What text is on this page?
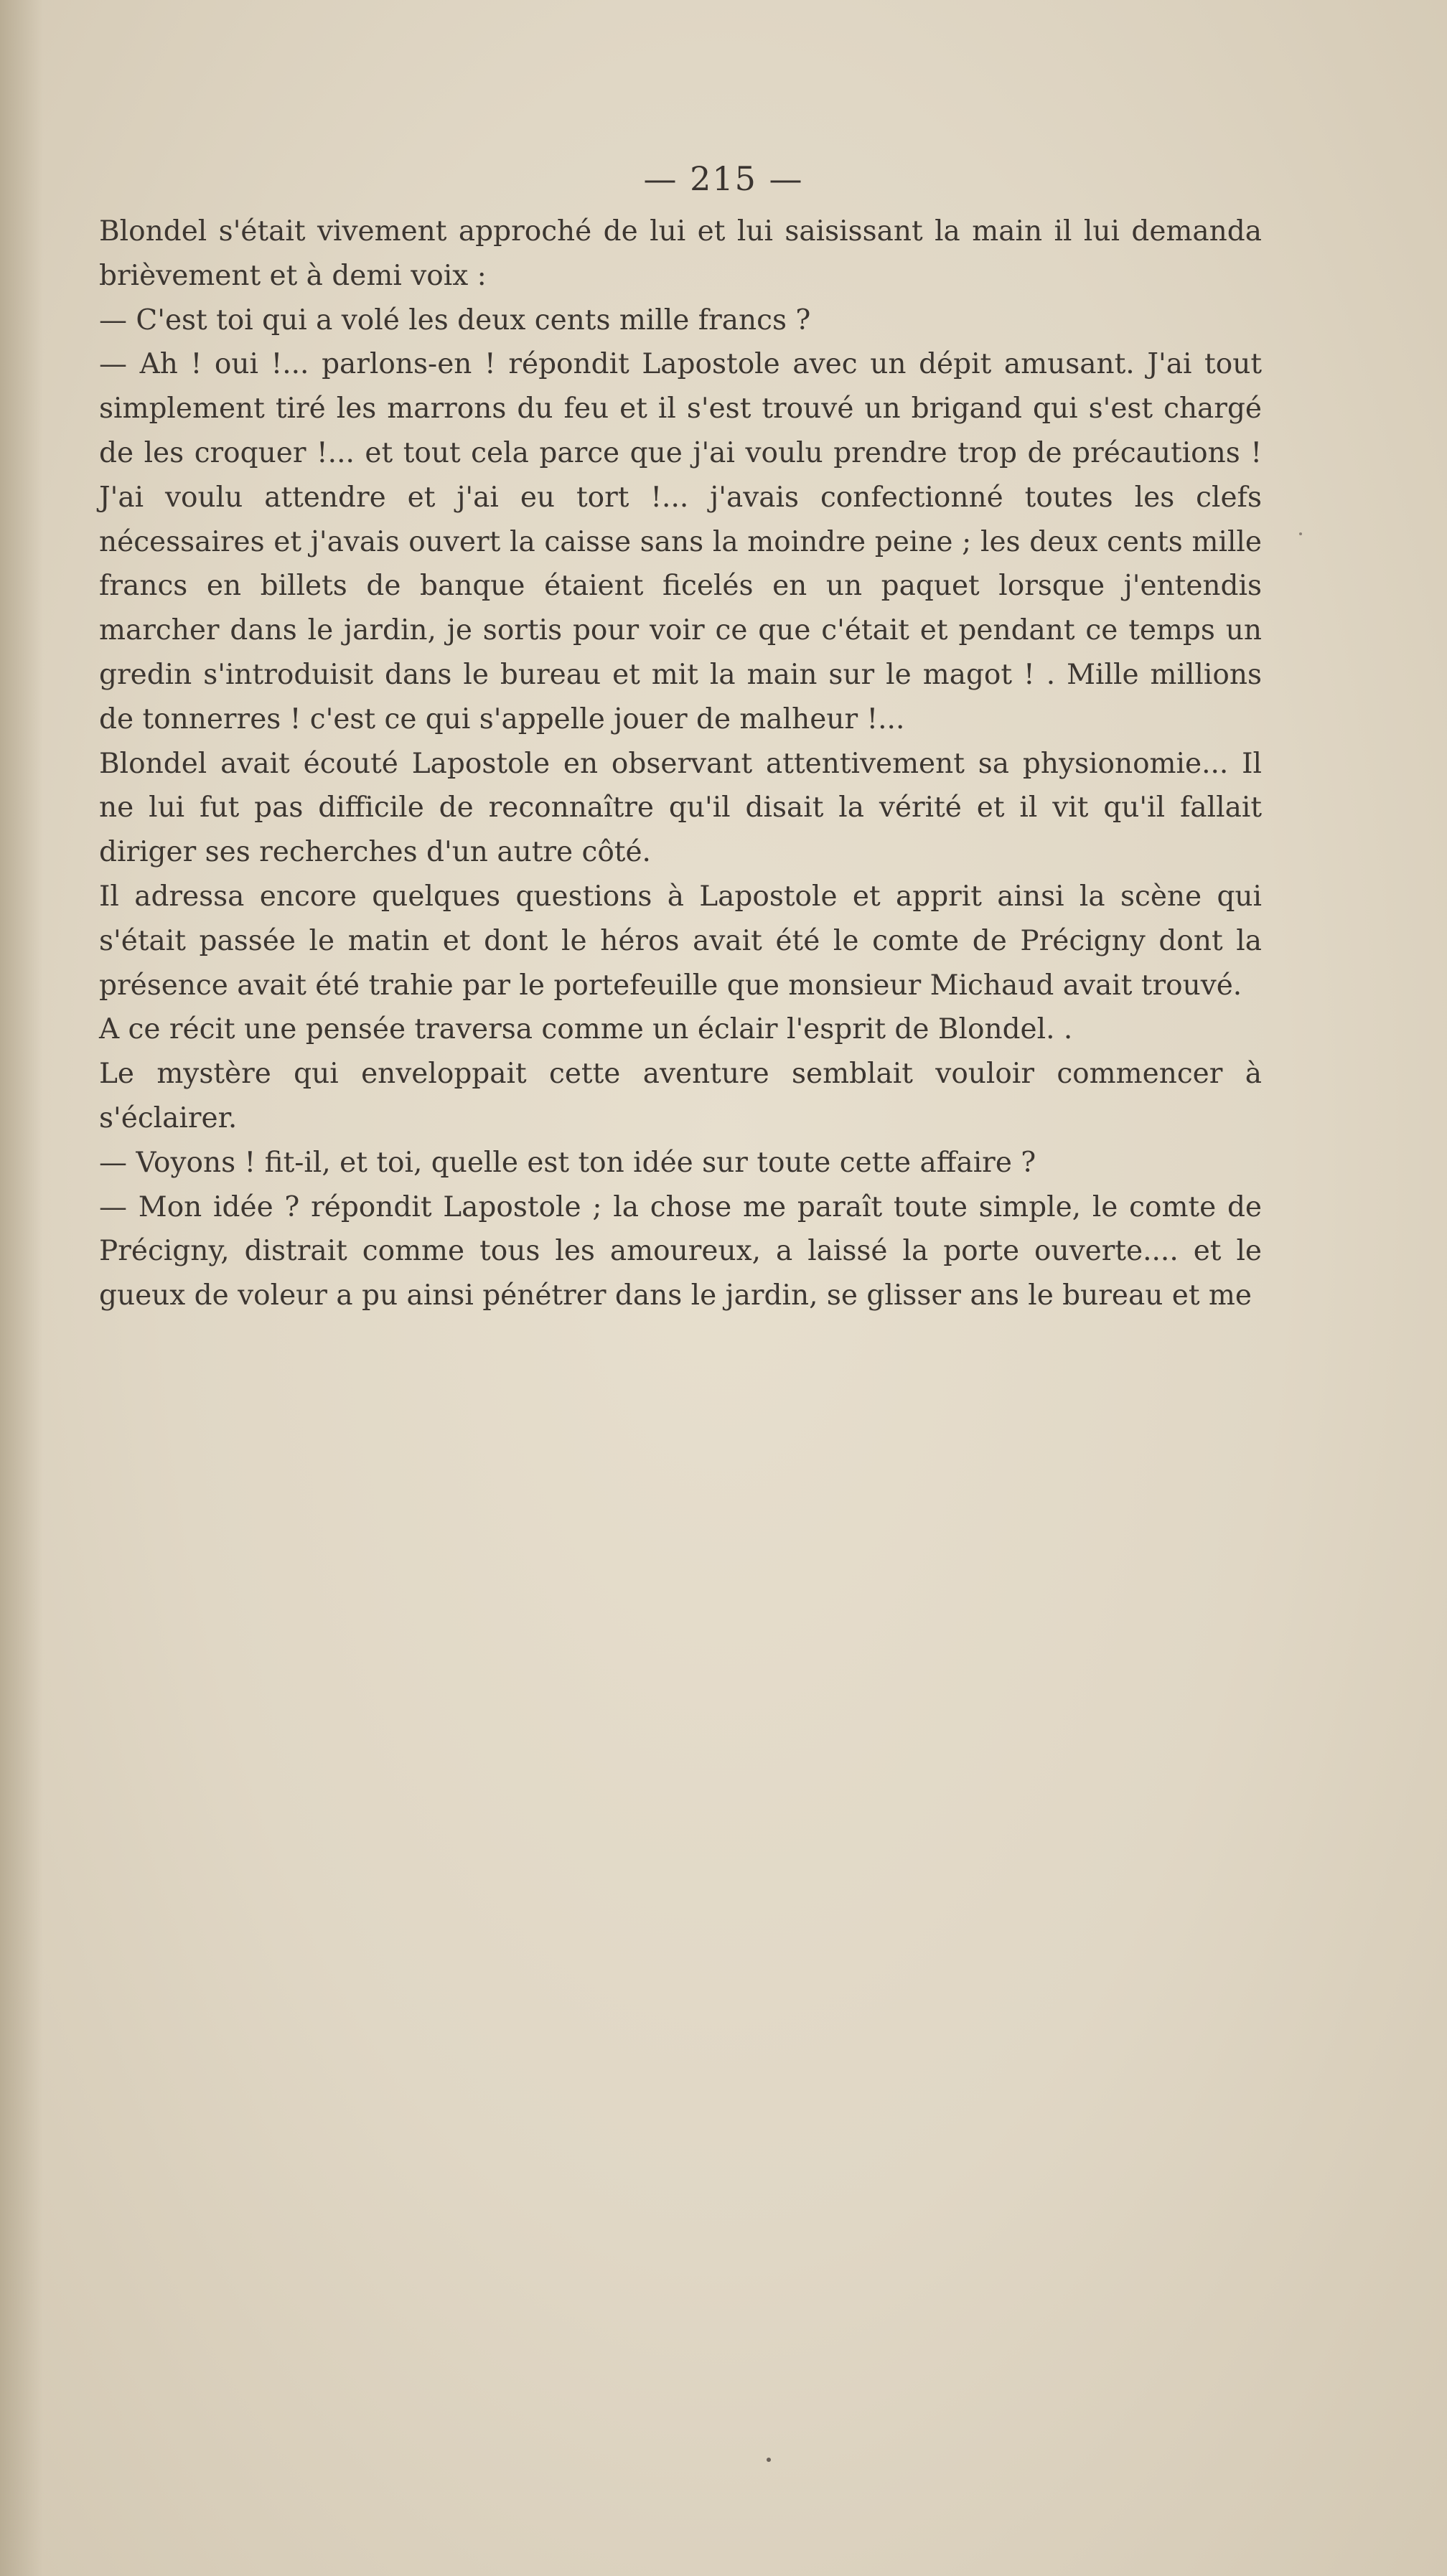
— 215 —

Blondel s'était vivement approché de lui et lui saisissant la main il lui demanda brièvement et à demi voix :

— C'est toi qui a volé les deux cents mille francs ?

— Ah ! oui !... parlons-en ! répondit Lapostole avec un dépit amusant. J'ai tout simplement tiré les marrons du feu et il s'est trouvé un brigand qui s'est chargé de les croquer !... et tout cela parce que j'ai voulu prendre trop de précautions ! J'ai voulu attendre et j'ai eu tort !... j'avais confectionné toutes les clefs nécessaires et j'avais ouvert la caisse sans la moindre peine ; les deux cents mille francs en billets de banque étaient ficelés en un paquet lorsque j'entendis marcher dans le jardin, je sortis pour voir ce que c'était et pendant ce temps un gredin s'introduisit dans le bureau et mit la main sur le magot ! . Mille millions de tonnerres ! c'est ce qui s'appelle jouer de malheur !...

Blondel avait écouté Lapostole en observant attentivement sa physionomie... Il ne lui fut pas difficile de reconnaître qu'il disait la vérité et il vit qu'il fallait diriger ses recherches d'un autre côté.

Il adressa encore quelques questions à Lapostole et apprit ainsi la scène qui s'était passée le matin et dont le héros avait été le comte de Précigny dont la présence avait été trahie par le portefeuille que monsieur Michaud avait trouvé.

A ce récit une pensée traversa comme un éclair l'esprit de Blondel. .

Le mystère qui enveloppait cette aventure semblait vouloir commencer à s'éclairer.

— Voyons ! fit-il, et toi, quelle est ton idée sur toute cette affaire ?

— Mon idée ? répondit Lapostole ; la chose me paraît toute simple, le comte de Précigny, distrait comme tous les amoureux, a laissé la porte ouverte.... et le gueux de voleur a pu ainsi pénétrer dans le jardin, se glisser ans le bureau et me
